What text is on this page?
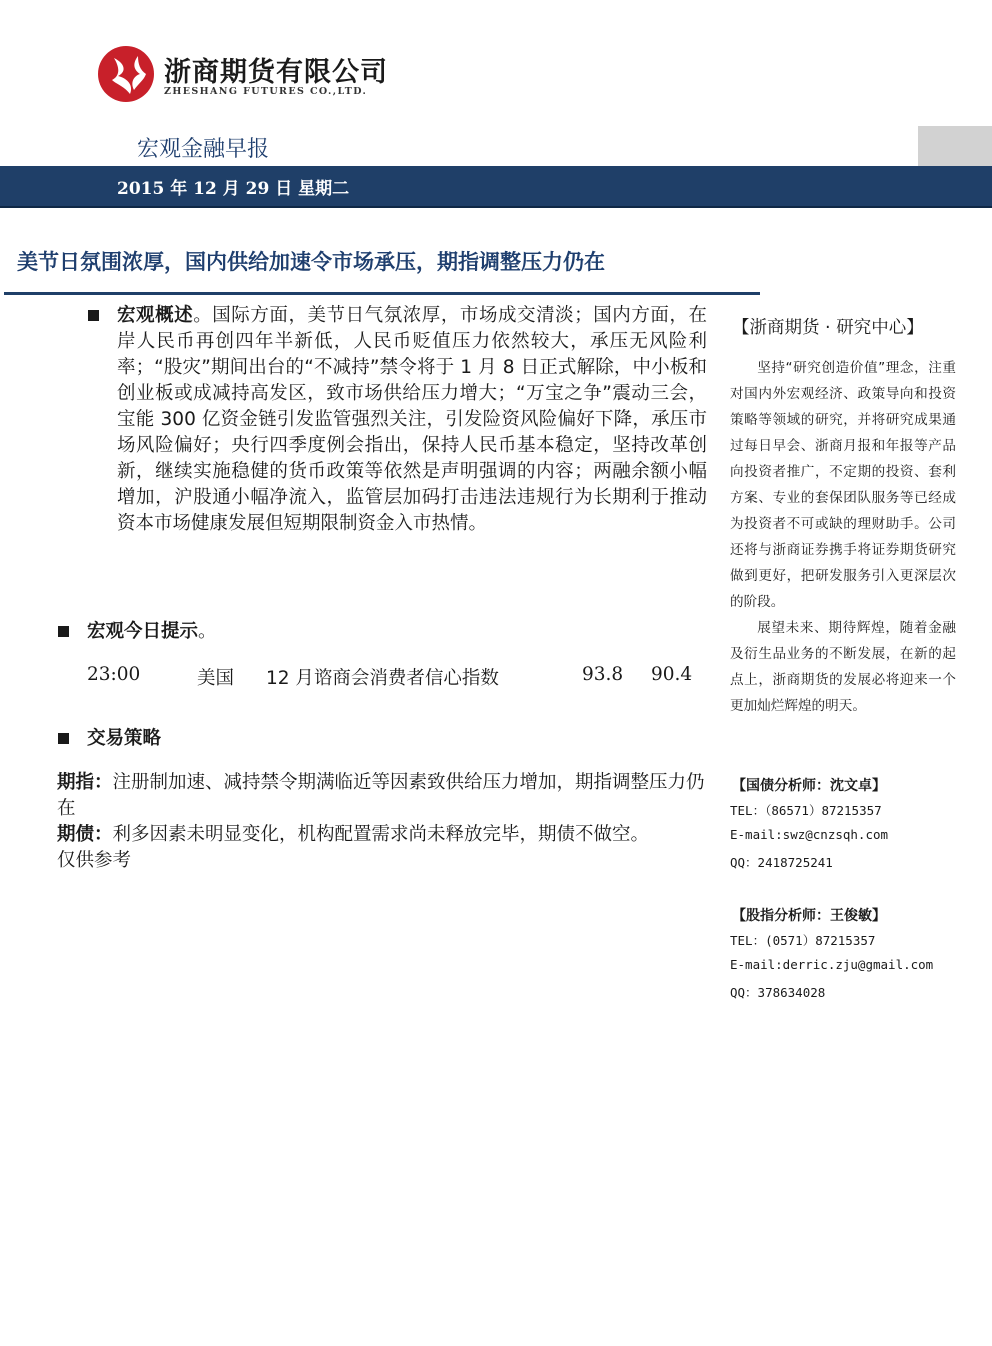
浙商期货有限公司
ZHESHANG FUTURES CO.,LTD.
宏观金融早报
2015 年 12 月 29 日 星期二
美节日氛围浓厚，国内供给加速令市场承压，期指调整压力仍在
宏观概述。国际方面，美节日气氛浓厚，市场成交清淡；国内方面，在岸人民币再创四年半新低，人民币贬值压力依然较大，承压无风险利率；“股灾”期间出台的“不减持”禁令将于 1 月 8 日正式解除，中小板和创业板或成减持高发区，致市场供给压力增大；“万宝之争”震动三会，宝能 300 亿资金链引发监管强烈关注，引发险资风险偏好下降，承压市场风险偏好；央行四季度例会指出，保持人民币基本稳定，坚持改革创新，继续实施稳健的货币政策等依然是声明强调的内容；两融余额小幅增加，沪股通小幅净流入，监管层加码打击违法违规行为长期利于推动资本市场健康发展但短期限制资金入市热情。
宏观今日提示。
23:00	美国 12 月谘商会消费者信心指数	93.8 90.4
交易策略

期指：注册制加速、减持禁令期满临近等因素致供给压力增加，期指调整压力仍在

期债：利多因素未明显变化，机构配置需求尚未释放完毕，期债不做空。

仅供参考

【浙商期货 · 研究中心】

坚持“研究创造价值”理念，注重对国内外宏观经济、政策导向和投资策略等领域的研究，并将研究成果通过每日早会、浙商月报和年报等产品向投资者推广，不定期的投资、套利方案、专业的套保团队服务等已经成为投资者不可或缺的理财助手。公司还将与浙商证券携手将证券期货研究做到更好，把研发服务引入更深层次的阶段。

展望未来、期待辉煌，随着金融及衍生品业务的不断发展，在新的起点上，浙商期货的发展必将迎来一个更加灿烂辉煌的明天。

【国债分析师：沈文卓】
TEL：（86571）87215357
E-mail:swz@cnzsqh.com
QQ：2418725241
【股指分析师：王俊敏】
TEL：(0571）87215357
E-mail:derric.zju@gmail.com
QQ：378634028
